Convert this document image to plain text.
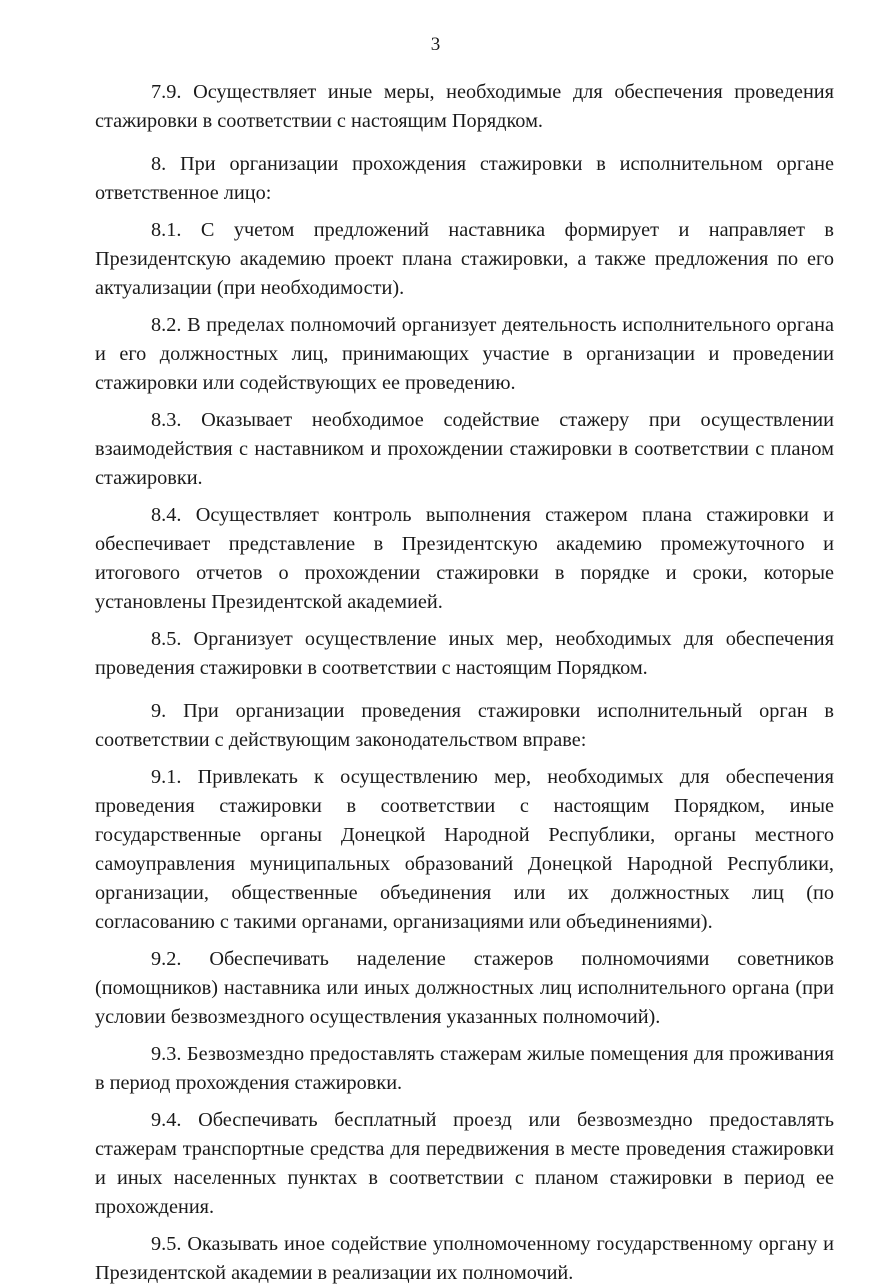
3

7.9. Осуществляет иные меры, необходимые для обеспечения проведения стажировки в соответствии с настоящим Порядком.

8. При организации прохождения стажировки в исполнительном органе ответственное лицо:

8.1. С учетом предложений наставника формирует и направляет в Президентскую академию проект плана стажировки, а также предложения по его актуализации (при необходимости).

8.2. В пределах полномочий организует деятельность исполнительного органа и его должностных лиц, принимающих участие в организации и проведении стажировки или содействующих ее проведению.

8.3. Оказывает необходимое содействие стажеру при осуществлении взаимодействия с наставником и прохождении стажировки в соответствии с планом стажировки.

8.4. Осуществляет контроль выполнения стажером плана стажировки и обеспечивает представление в Президентскую академию промежуточного и итогового отчетов о прохождении стажировки в порядке и сроки, которые установлены Президентской академией.

8.5. Организует осуществление иных мер, необходимых для обеспечения проведения стажировки в соответствии с настоящим Порядком.

9. При организации проведения стажировки исполнительный орган в соответствии с действующим законодательством вправе:

9.1. Привлекать к осуществлению мер, необходимых для обеспечения проведения стажировки в соответствии с настоящим Порядком, иные государственные органы Донецкой Народной Республики, органы местного самоуправления муниципальных образований Донецкой Народной Республики, организации, общественные объединения или их должностных лиц (по согласованию с такими органами, организациями или объединениями).

9.2. Обеспечивать наделение стажеров полномочиями советников (помощников) наставника или иных должностных лиц исполнительного органа (при условии безвозмездного осуществления указанных полномочий).

9.3. Безвозмездно предоставлять стажерам жилые помещения для проживания в период прохождения стажировки.

9.4. Обеспечивать бесплатный проезд или безвозмездно предоставлять стажерам транспортные средства для передвижения в месте проведения стажировки и иных населенных пунктах в соответствии с планом стажировки в период ее прохождения.

9.5. Оказывать иное содействие уполномоченному государственному органу и Президентской академии в реализации их полномочий.
